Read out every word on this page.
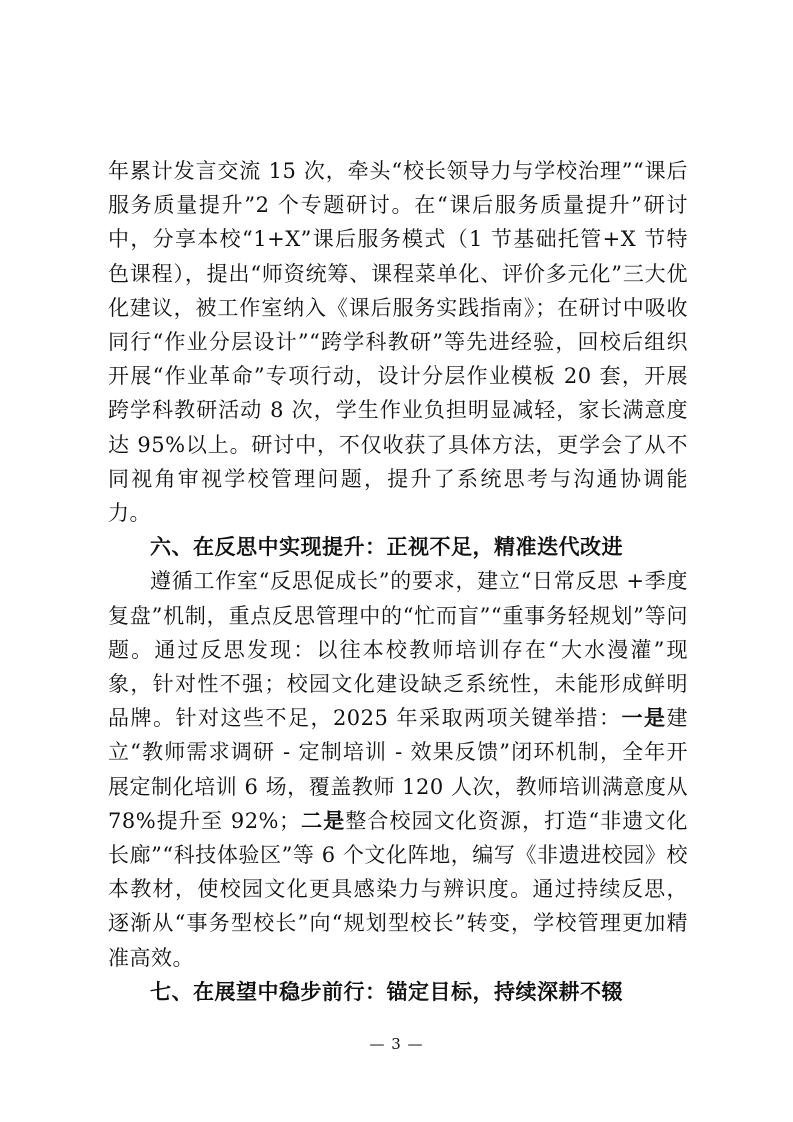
年累计发言交流 15 次，牵头“校长领导力与学校治理”“课后服务质量提升”2 个专题研讨。在“课后服务质量提升”研讨中，分享本校“1+X”课后服务模式（1 节基础托管+X 节特色课程），提出“师资统筹、课程菜单化、评价多元化”三大优化建议，被工作室纳入《课后服务实践指南》；在研讨中吸收同行“作业分层设计”“跨学科教研”等先进经验，回校后组织开展“作业革命”专项行动，设计分层作业模板 20 套，开展跨学科教研活动 8 次，学生作业负担明显减轻，家长满意度达 95%以上。研讨中，不仅收获了具体方法，更学会了从不同视角审视学校管理问题，提升了系统思考与沟通协调能力。

六、在反思中实现提升：正视不足，精准迭代改进

遵循工作室“反思促成长”的要求，建立“日常反思 +季度复盘”机制，重点反思管理中的“忙而盲”“重事务轻规划”等问题。通过反思发现：以往本校教师培训存在“大水漫灌”现象，针对性不强；校园文化建设缺乏系统性，未能形成鲜明品牌。针对这些不足，2025 年采取两项关键举措：一是建立“教师需求调研 - 定制培训 - 效果反馈”闭环机制，全年开展定制化培训 6 场，覆盖教师 120 人次，教师培训满意度从 78%提升至 92%；二是整合校园文化资源，打造“非遗文化长廊”“科技体验区”等 6 个文化阵地，编写《非遗进校园》校本教材，使校园文化更具感染力与辨识度。通过持续反思，逐渐从“事务型校长”向“规划型校长”转变，学校管理更加精准高效。

七、在展望中稳步前行：锚定目标，持续深耕不辍

— 3 —
